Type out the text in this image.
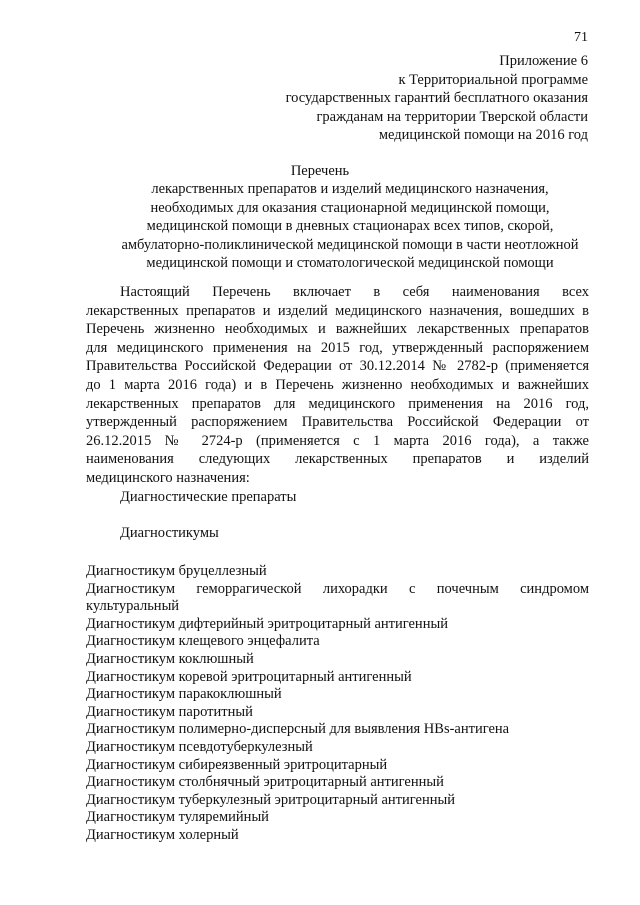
71
Приложение 6
к Территориальной программе
государственных гарантий бесплатного оказания
гражданам на территории Тверской области
медицинской помощи на 2016 год
Перечень
лекарственных препаратов и изделий медицинского назначения,
необходимых для оказания стационарной медицинской помощи,
медицинской помощи в дневных стационарах всех типов, скорой,
амбулаторно-поликлинической медицинской помощи в части неотложной
медицинской помощи и стоматологической медицинской помощи
Настоящий Перечень включает в себя наименования всех
лекарственных препаратов и изделий медицинского назначения, вошедших в
Перечень жизненно необходимых и важнейших лекарственных препаратов
для медицинского применения на 2015 год, утвержденный распоряжением
Правительства Российской Федерации от 30.12.2014 № 2782-р (применяется
до 1 марта 2016 года) и в Перечень жизненно необходимых и важнейших
лекарственных препаратов для медицинского применения на 2016 год,
утвержденный распоряжением Правительства Российской Федерации от
26.12.2015 № 2724-р (применяется с 1 марта 2016 года), а также
наименования следующих лекарственных препаратов и изделий
медицинского назначения:
Диагностические препараты
Диагностикумы
Диагностикум бруцеллезный
Диагностикум геморрагической лихорадки с почечным синдромом
культуральный
Диагностикум дифтерийный эритроцитарный антигенный
Диагностикум клещевого энцефалита
Диагностикум коклюшный
Диагностикум коревой эритроцитарный антигенный
Диагностикум паракоклюшный
Диагностикум паротитный
Диагностикум полимерно-дисперсный для выявления HBs-антигена
Диагностикум псевдотуберкулезный
Диагностикум сибиреязвенный эритроцитарный
Диагностикум столбнячный эритроцитарный антигенный
Диагностикум туберкулезный эритроцитарный антигенный
Диагностикум туляремийный
Диагностикум холерный
